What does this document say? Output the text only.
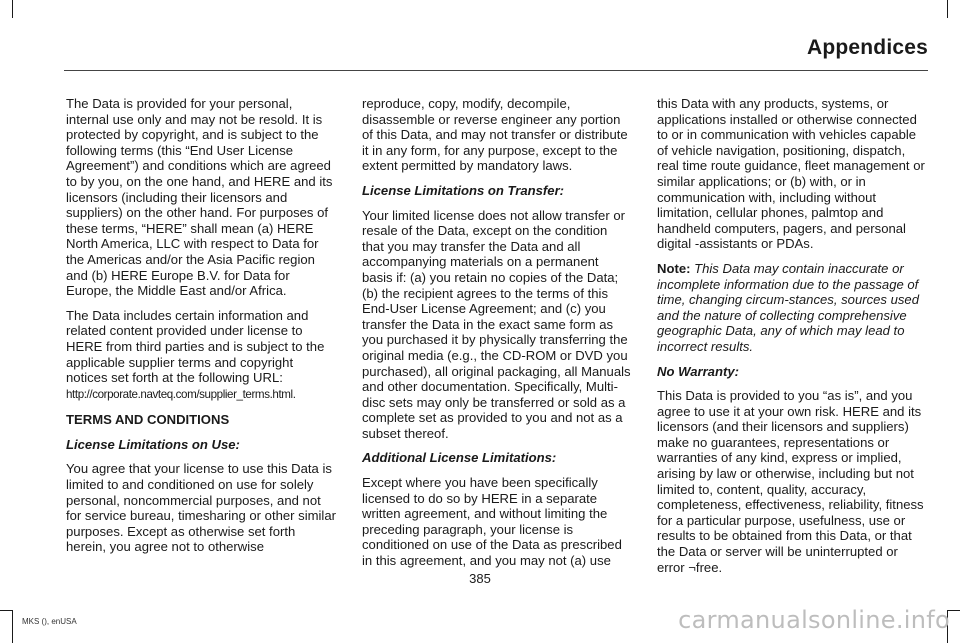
Appendices

The Data is provided for your personal, internal use only and may not be resold. It is protected by copyright, and is subject to the following terms (this “End User License Agreement”) and conditions which are agreed to by you, on the one hand, and HERE and its licensors (including their licensors and suppliers) on the other hand. For purposes of these terms, “HERE” shall mean (a) HERE North America, LLC with respect to Data for the Americas and/or the Asia Pacific region and (b) HERE Europe B.V. for Data for Europe, the Middle East and/or Africa.

The Data includes certain information and related content provided under license to HERE from third parties and is subject to the applicable supplier terms and copyright notices set forth at the following URL:
http://corporate.navteq.com/supplier_terms.html.

TERMS AND CONDITIONS

License Limitations on Use:

You agree that your license to use this Data is limited to and conditioned on use for solely personal, noncommercial purposes, and not for service bureau, timesharing or other similar purposes. Except as otherwise set forth herein, you agree not to otherwise

reproduce, copy, modify, decompile, disassemble or reverse engineer any portion of this Data, and may not transfer or distribute it in any form, for any purpose, except to the extent permitted by mandatory laws.

License Limitations on Transfer:

Your limited license does not allow transfer or resale of the Data, except on the condition that you may transfer the Data and all accompanying materials on a permanent basis if: (a) you retain no copies of the Data; (b) the recipient agrees to the terms of this End-User License Agreement; and (c) you transfer the Data in the exact same form as you purchased it by physically transferring the original media (e.g., the CD-ROM or DVD you purchased), all original packaging, all Manuals and other documentation. Specifically, Multi-disc sets may only be transferred or sold as a complete set as provided to you and not as a subset thereof.

Additional License Limitations:

Except where you have been specifically licensed to do so by HERE in a separate written agreement, and without limiting the preceding paragraph, your license is conditioned on use of the Data as prescribed in this agreement, and you may not (a) use

this Data with any products, systems, or applications installed or otherwise connected to or in communication with vehicles capable of vehicle navigation, positioning, dispatch, real time route guidance, fleet management or similar applications; or (b) with, or in communication with, including without limitation, cellular phones, palmtop and handheld computers, pagers, and personal digital -assistants or PDAs.

Note: This Data may contain inaccurate or incomplete information due to the passage of time, changing circum-stances, sources used and the nature of collecting comprehensive geographic Data, any of which may lead to incorrect results.

No Warranty:

This Data is provided to you “as is”, and you agree to use it at your own risk. HERE and its licensors (and their licensors and suppliers) make no guarantees, representations or warranties of any kind, express or implied, arising by law or otherwise, including but not limited to, content, quality, accuracy, completeness, effectiveness, reliability, fitness for a particular purpose, usefulness, use or results to be obtained from this Data, or that the Data or server will be uninterrupted or error ¬free.

385
MKS (), enUSA	carmanualsonline.info
